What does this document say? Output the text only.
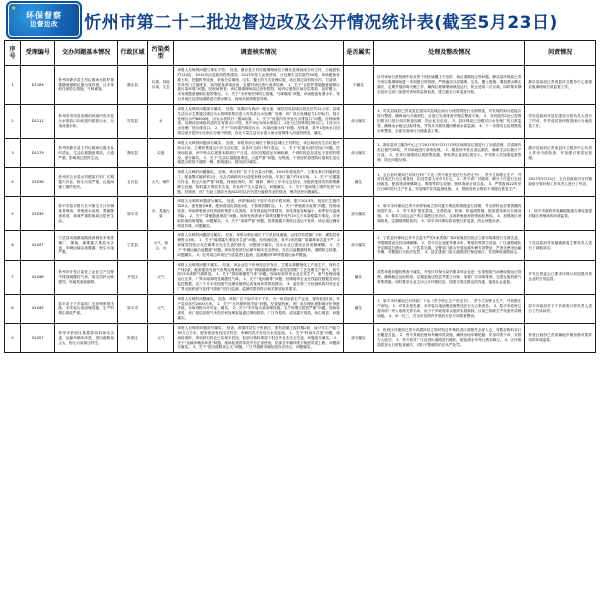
★
环保督察
边督边改 忻州市第二十二批边督边改及公开情况统计表(截至5月23日)
序号	受理编号	交办问题基本情况	行政区域	污染类型	调查核实情况	是否属实	处理及整改情况	问责情况
1	D1184	忻州市静乐县王村垃圾场无防护措施随意倾倒垃圾污染环境，且未采取任何防尘措施，气味难闻。	静乐县	垃圾、其他污染、生态	举报人反映的问题与事实不符。 经查，静乐县王村垃圾填埋场位于静乐县城西南方向王村，占地面积约120亩，2012年由县政府投资建设，2013年投入运营使用，日处理生活垃圾约90吨，该场配备有推土机、挖掘机等设备，采取分层填埋、压实、覆土的方式处理垃圾，场区周边设有排水沟、拦渣坝，并设有门卫值班室，场内配备消毒设备，定期对场区进行消毒处理。 1、关于“无防护措施随意倾倒垃圾污染环境”问题。经现场核查，该垃圾填埋场周边设有围挡，场内垃圾按区域分层堆放、及时覆土，未发现随意倾倒垃圾的情况。 2、关于“未采取任何防尘措施，气味难闻”问题。该场配备有洒水车，每日对场区及进场道路进行洒水降尘，现场未闻到明显异味。	不属实	针对该场日常管理中存在的个别区域覆土不及时、场区道路扬尘等问题，静乐县环保局已责令该垃圾填埋场进一步加强日常管理，严格落实分层填埋、压实、覆土措施，增加洒水降尘频次，定期开展消毒灭蝇工作，确保垃圾填埋场规范运行，防止造成二次污染。同时要求静乐县环卫部门加强对该场的监督检查，建立健全日常巡查台账。	静乐县政府已责成县环卫服务中心加强垃圾填埋场日常监管工作。
2	D1211	忻州市岢岚县岚漪河河道内有多处污水排放口向河道内排放污水，污染河道水体。	岢岚县	水	举报人反映的问题部分属实。 经查，岚漪河为黄河一级支流，流经岢岚县城区段全长约12公里，县城生活污水主要通过城区污水管网收集后进入岢岚县污水处理厂处理，该厂设计处理能力1万吨/日，现日处理污水约6000吨，出水水质执行一级A标准。 1、关于“河道内有多处污水排放口”问题。经现场核查，岚漪河县城段河道内共有排水口7处，其中4处为雨水排放口，2处为已封堵的旧排污口，1处为污水处理厂尾水排放口。 2、关于“向河道内排放污水，污染河道水体”问题。经排查，其中1处雨水口因周边部分居民小区雨污分流不彻底，存在少量生活污水混入雨水管网排入河道的情况，属实。	部分属实	1、岢岚县政府已责成县住建局对县城区雨污分流管网进行全面排查，对发现的雨污混接点进行整改，确保雨污分流到位，目前已完成排查并制定整改方案。 2、对河道内2处已封堵旧排污口进行再次核查加固，防止私自启用。 3、县环保局已加强对污水处理厂的日常监管，确保出水稳定达标排放，并每月开展岚漪河断面水质监测。 4、下一步将结合县城黑臭水体整治，全面完成雨污分流改造工程。	岢岚县政府对县住建局分管负责人进行了约谈，并责成其加快推进雨污分流改造工作。
3	D1279	忻州市静乐县王村垃圾场垃圾未及时清运，生活垃圾随意堆放，占道严重，影响周边居民生活。	静乐县	垃圾	举报人反映的问题部分属实。 经查，举报所涉区域位于静乐县城区王村附近，该区域设有生活垃圾中转点1处，主要收集周边小区生活垃圾，由县环卫部门每日清运。 1、关于“垃圾未及时清运”问题。经现场检查，该中转点垃圾基本做到日产日清，但因近期清运车辆检修，个别时段存在清运不及时的情况，部分属实。 2、关于“生活垃圾随意堆放，占道严重”问题。经核查，个别居民将建筑垃圾和生活垃圾混合堆放于道路一侧，影响通行，情况部分属实。	部分属实	1、静乐县环卫服务中心已于2017年5月21日对该区域堆存垃圾进行了全面清理，共清理各类垃圾约30吨，并对场地进行消毒处理。 2、增加该中转点清运频次，确保生活垃圾日产日清。 3、在该区域增设垃圾收集容器，张贴禁止乱倒垃圾告示，并安排人员加强巡查管理，防止问题反弹。	静乐县政府已责成县环卫服务中心负责人作出书面检查，并加强日常清运管理。
4	X1036	忻州市五台县豆村镇某石料厂长期露天作业，粉尘污染严重，且夜间施工噪声扰民。	五台县	大气、噪声	举报人反映的问题属实。 经查，该石料厂位于五台县豆村镇，2015年建成投产，主要从事石料破碎加工，配备颚式破碎机1台、反击式破碎机1台及配套筛分设备，年加工能力约10万吨。 1、关于“长期露天作业，粉尘污染严重”问题。现场检查时，该厂破碎、筛分工序未完全封闭，未配套建设有效的喷淋降尘设施，物料露天堆放未苫盖，作业时产生大量扬尘，问题属实。 2、关于“夜间施工噪声扰民”问题。经调查，该厂为赶工期存在夜间22时以后仍进行破碎作业的情况，噪声扰民问题属实。	属实	1、五台县环保局已对该石料厂下达《责令改正违法行为决定书》，责令立即停止生产，并对其违法行为立案查处，拟处罚款人民币3万元。 2、责令该厂对破碎、筛分工序进行全封闭改造，配套建设喷淋降尘、雾炮等抑尘设施，物料堆场全部苫盖。 3、严禁夜间22时至次日6时进行生产作业，安装噪声在线监测设施。 4、整改验收合格前不得擅自恢复生产。	2017年5月22日，五台县政府对豆村镇政府分管环保工作负责人进行了约谈。
5	X1039	原平市原平路与长兴街交叉口东侧某养殖场，养殖废水直排，粪便随意堆放，臭味严重影响周边居民生活。	原平市	水、其他污染	举报人反映的问题部分属实。 经查，该养殖场位于原平市原平路东侧，建于2013年，现存栏生猪约320头，建有猪舍6栋，配套建设化粪池1座、干粪堆放棚1处。 1、关于“养殖废水直排”问题。经现场检查，该场养殖废水经管道收集进入化粪池，未发现直接外排情况，但化粪池容积偏小，雨季存在溢流风险。 2、关于“粪便随意堆放”问题。现场发现该场干粪堆放棚外有约15立方米粪便露天堆放，未采取防渗防雨措施，问题属实。 3、关于“臭味严重”问题。因粪便露天堆放且清运不及时，场区周边确有明显异味，问题属实。	部分属实	1、原平市环保局已责令该养殖场立即对露天堆放的粪便进行清理，并全部转运至堆粪棚内规范贮存。 2、责令其扩建化粪池，完善防渗、防雨、防溢流措施，配套建设雨污分流设施。 3、要求与周边农户签订粪肥还田协议，实现养殖废弃物资源化利用。 4、加强场区消毒除臭，定期喷洒除臭剂。 5、原平市环保局将加强日常巡查，防止问题反弹。	1、原平市政府责成属地街道办事处加强对辖区养殖场的环境监管。
6	X1047	宁武县凤凰镇某路段两侧有多家洗煤厂、煤场，煤堆露天堆放未苫盖，车辆运输沿途撒漏，粉尘污染严重。	宁武县	大气、扬尘、水	举报人反映的问题部分属实。 经查，举报反映区域位于宁武县凤凰镇，沿线共有洗煤厂2家、煤炭经营销售点3家。 1、关于“煤堆露天堆放未苫盖”问题。经现场检查，其中1家洗煤厂原煤堆场苫盖不严，2家煤炭经营点存在煤堆未完全苫盖的情况，问题部分属实。其余企业已建成全封闭储煤棚。 2、关于“车辆运输沿途撒漏”问题。现场发现部分运煤车辆未完全密闭，存在沿途撒漏现象，道路积尘较重，问题属实。 3、经对周边环境空气质量进行监测，监测期间TSP浓度超出参考限值。	部分属实	1、宁武县环保局已责令苫盖不严的1家洗煤厂和2家煤炭经营点立即对煤堆进行全面苫盖，并限期建设全封闭储煤棚。 2、责令各企业配齐洒水车、雾炮机等抑尘设备，厂区道路硬化并定期清扫洒水。 3、宁武县交通、交警部门联合开展运煤车辆专项整治，严查未密闭运输车辆，对撒漏行为依法处罚。 4、县住建部门加大道路清扫保洁频次，有效降低道路扬尘。	宁武县政府对凤凰镇政府主要负责人进行了诫勉谈话。
7	X1048	忻州市开发区某化工企业生产过程中排放刺激性气体，周边居民反映强烈，怀疑其夜间偷排。	开发区	大气	举报人反映的问题不属实。 经查，该企业位于忻州经济开发区，主要从事精细化工产品生产，现有生产线2条，配套建设有废气收集处理系统，采用“两级碱液喷淋+活性炭吸附”工艺处理生产废气，废气经25米高排气筒排放。 1、关于“排放刺激性气体”问题。现场检查时该企业正常生产，废气处理设施运行正常，厂界未闻到明显刺激性气味。 2、关于“夜间偷排”问题。经调阅该企业在线监控数据及用电监控数据，近三个月未发现废气处理设施停运或夜间异常排放情况。 3、委托第三方检测机构对该企业厂界无组织废气及排气筒废气进行监测，监测结果均符合相关排放标准要求。	属实	虽然举报问题经核查不属实，开发区环保分局仍要求该企业进一步加强废气治理设施运行管理，确保稳定达标排放；定期更换活性炭并建立台账；加强厂区异味排查，完善无组织废气收集措施；同时要求企业主动公开环境信息，加强与周边群众的沟通，接受社会监督。	开发区管委会已要求环保分局加强对该企业的日常监管。
8	X1049	原平市子干乡某砖厂无环保审批手续，未安装污染治理设施，生产时烟尘排放严重。	原平市	大气	举报人反映的问题属实。 经查，该砖厂位于原平市子干乡，为一家页岩砖生产企业，建有轮窑1座，年产页岩砖约2000万块。 1、关于“无环保审批手续”问题。经查阅档案，该厂未办理环境影响评价审批手续，未取得排污许可证，属实。 2、关于“未安装污染治理设施，生产时烟尘排放严重”问题。现场检查时，该厂焙烧窑烟气未经任何处理直接通过烟囱排放，厂区内原料、成品露天堆放，扬尘明显，问题属实。	属实	1、原平市环保局已对该砖厂下达《责令停止生产决定书》，责令立即停止生产，并切断生产用电。 2、对其未批先建、未安装污染治理设施等违法行为立案查处。 3、原平市政府已将该砖厂列入取缔关停名单，由子干乡政府牵头组织实施拆除，目前已拆除生产设备并清理场地。 4、举一反三，在全市范围内开展砖瓦窑专项排查整治。	原平市政府对子干乡政府分管负责人进行了约谈问责。
9	X1057	忻州市忻府区某搅拌站料场未苫盖，运输车辆未冲洗，进出道路扬尘大，粉尘污染周边村庄。	忻府区	大气	举报人反映的问题部分属实。 经查，该搅拌站位于忻府区，建有混凝土搅拌楼2座，设计年生产能力30万立方米，配套建设有封闭式料仓、车辆冲洗平台及污水沉淀池。 1、关于“料场未苫盖”问题。现场检查时，该站砂石料仓已实现半封闭，但部分物料堆放于料仓外且未完全苫盖，问题部分属实。 2、关于“运输车辆未冲洗”问题。现场检查时冲洗平台正常使用，但部分车辆冲洗不彻底带泥上路，问题部分属实。 3、关于“进出道路扬尘大”问题。厂区外道路未硬化段存在扬尘，问题属实。	部分属实	1、忻府区环保局已责令该搅拌站立即对料仓外物料进行清理并全部入仓，对暂存物料实行全覆盖苫盖。 2、责令其规范使用车辆冲洗设施，确保出场车辆轮胎、车身冲洗干净，安排专人值守。 3、责令其对厂区及进出道路进行硬化，配备洒水车每日洒水降尘。 4、区环保局将加大日常检查频次，对拒不整改的依法从严处罚。	忻府区政府已责成属地乡镇加强对搅拌站的环境监管。
